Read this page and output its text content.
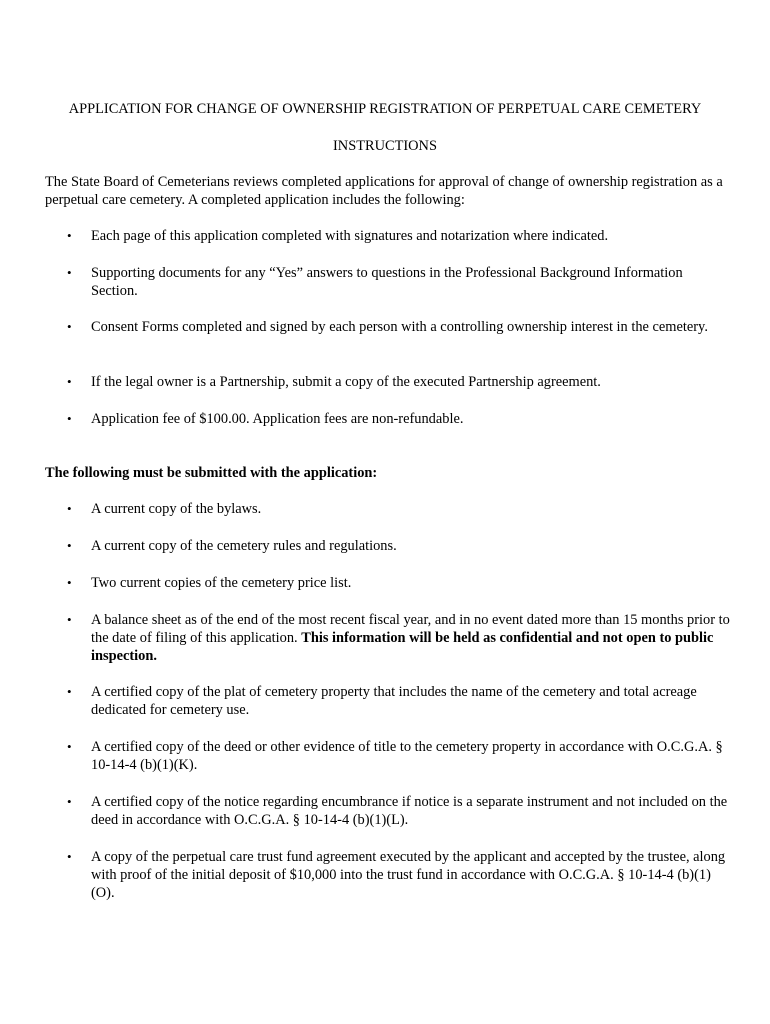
APPLICATION FOR CHANGE OF OWNERSHIP REGISTRATION OF PERPETUAL CARE CEMETERY
INSTRUCTIONS

The State Board of Cemeterians reviews completed applications for approval of change of ownership registration as a perpetual care cemetery. A completed application includes the following:

• Each page of this application completed with signatures and notarization where indicated.
• Supporting documents for any “Yes” answers to questions in the Professional Background Information Section.
• Consent Forms completed and signed by each person with a controlling ownership interest in the cemetery.
• If the legal owner is a Partnership, submit a copy of the executed Partnership agreement.
• Application fee of $100.00. Application fees are non-refundable.

The following must be submitted with the application:

• A current copy of the bylaws.
• A current copy of the cemetery rules and regulations.
• Two current copies of the cemetery price list.
• A balance sheet as of the end of the most recent fiscal year, and in no event dated more than 15 months prior to the date of filing of this application. This information will be held as confidential and not open to public inspection.
• A certified copy of the plat of cemetery property that includes the name of the cemetery and total acreage dedicated for cemetery use.
• A certified copy of the deed or other evidence of title to the cemetery property in accordance with O.C.G.A. § 10-14-4 (b)(1)(K).
• A certified copy of the notice regarding encumbrance if notice is a separate instrument and not included on the deed in accordance with O.C.G.A. § 10-14-4 (b)(1)(L).
• A copy of the perpetual care trust fund agreement executed by the applicant and accepted by the trustee, along with proof of the initial deposit of $10,000 into the trust fund in accordance with O.C.G.A. § 10-14-4 (b)(1)(O).
